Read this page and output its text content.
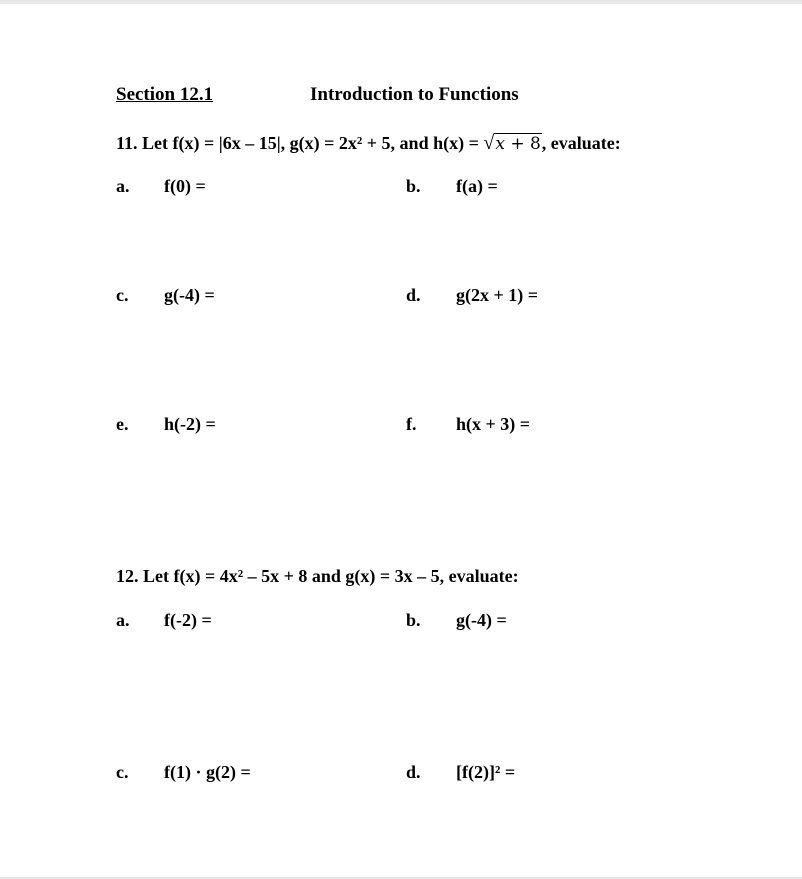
Section 12.1	Introduction to Functions
11. Let f(x) = |6x – 15|, g(x) = 2x² + 5, and h(x) = √x + 8, evaluate:
a. f(0) =	b. f(a) =
c. g(-4) =	d. g(2x + 1) =
e. h(-2) =	f. h(x + 3) =
12. Let f(x) = 4x² – 5x + 8 and g(x) = 3x – 5, evaluate:
a. f(-2) =	b. g(-4) =
c. f(1) · g(2) =	d. [f(2)]² =
